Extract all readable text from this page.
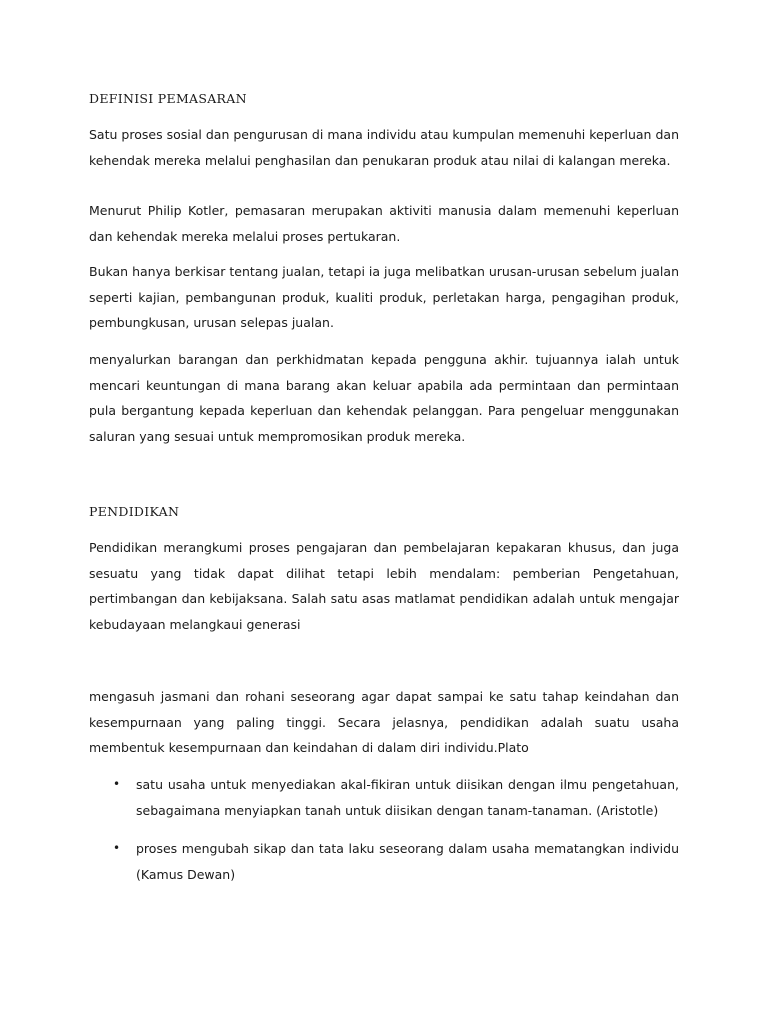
DEFINISI PEMASARAN

Satu proses sosial dan pengurusan di mana individu atau kumpulan memenuhi keperluan dan kehendak mereka melalui penghasilan dan penukaran produk atau nilai di kalangan mereka.

Menurut Philip Kotler, pemasaran merupakan aktiviti manusia dalam memenuhi keperluan dan kehendak mereka melalui proses pertukaran.

Bukan hanya berkisar tentang jualan, tetapi ia juga melibatkan urusan-urusan sebelum jualan seperti kajian, pembangunan produk, kualiti produk, perletakan harga, pengagihan produk, pembungkusan, urusan selepas jualan.

menyalurkan barangan dan perkhidmatan kepada pengguna akhir. tujuannya ialah untuk mencari keuntungan di mana barang akan keluar apabila ada permintaan dan permintaan pula bergantung kepada keperluan dan kehendak pelanggan. Para pengeluar menggunakan saluran yang sesuai untuk mempromosikan produk mereka.

PENDIDIKAN

Pendidikan merangkumi proses pengajaran dan pembelajaran kepakaran khusus, dan juga sesuatu yang tidak dapat dilihat tetapi lebih mendalam: pemberian Pengetahuan, pertimbangan dan kebijaksana. Salah satu asas matlamat pendidikan adalah untuk mengajar kebudayaan melangkaui generasi

mengasuh jasmani dan rohani seseorang agar dapat sampai ke satu tahap keindahan dan kesempurnaan yang paling tinggi. Secara jelasnya, pendidikan adalah suatu usaha membentuk kesempurnaan dan keindahan di dalam diri individu.Plato

• satu usaha untuk menyediakan akal-fikiran untuk diisikan dengan ilmu pengetahuan, sebagaimana menyiapkan tanah untuk diisikan dengan tanam-tanaman. (Aristotle)

• proses mengubah sikap dan tata laku seseorang dalam usaha mematangkan individu (Kamus Dewan)
